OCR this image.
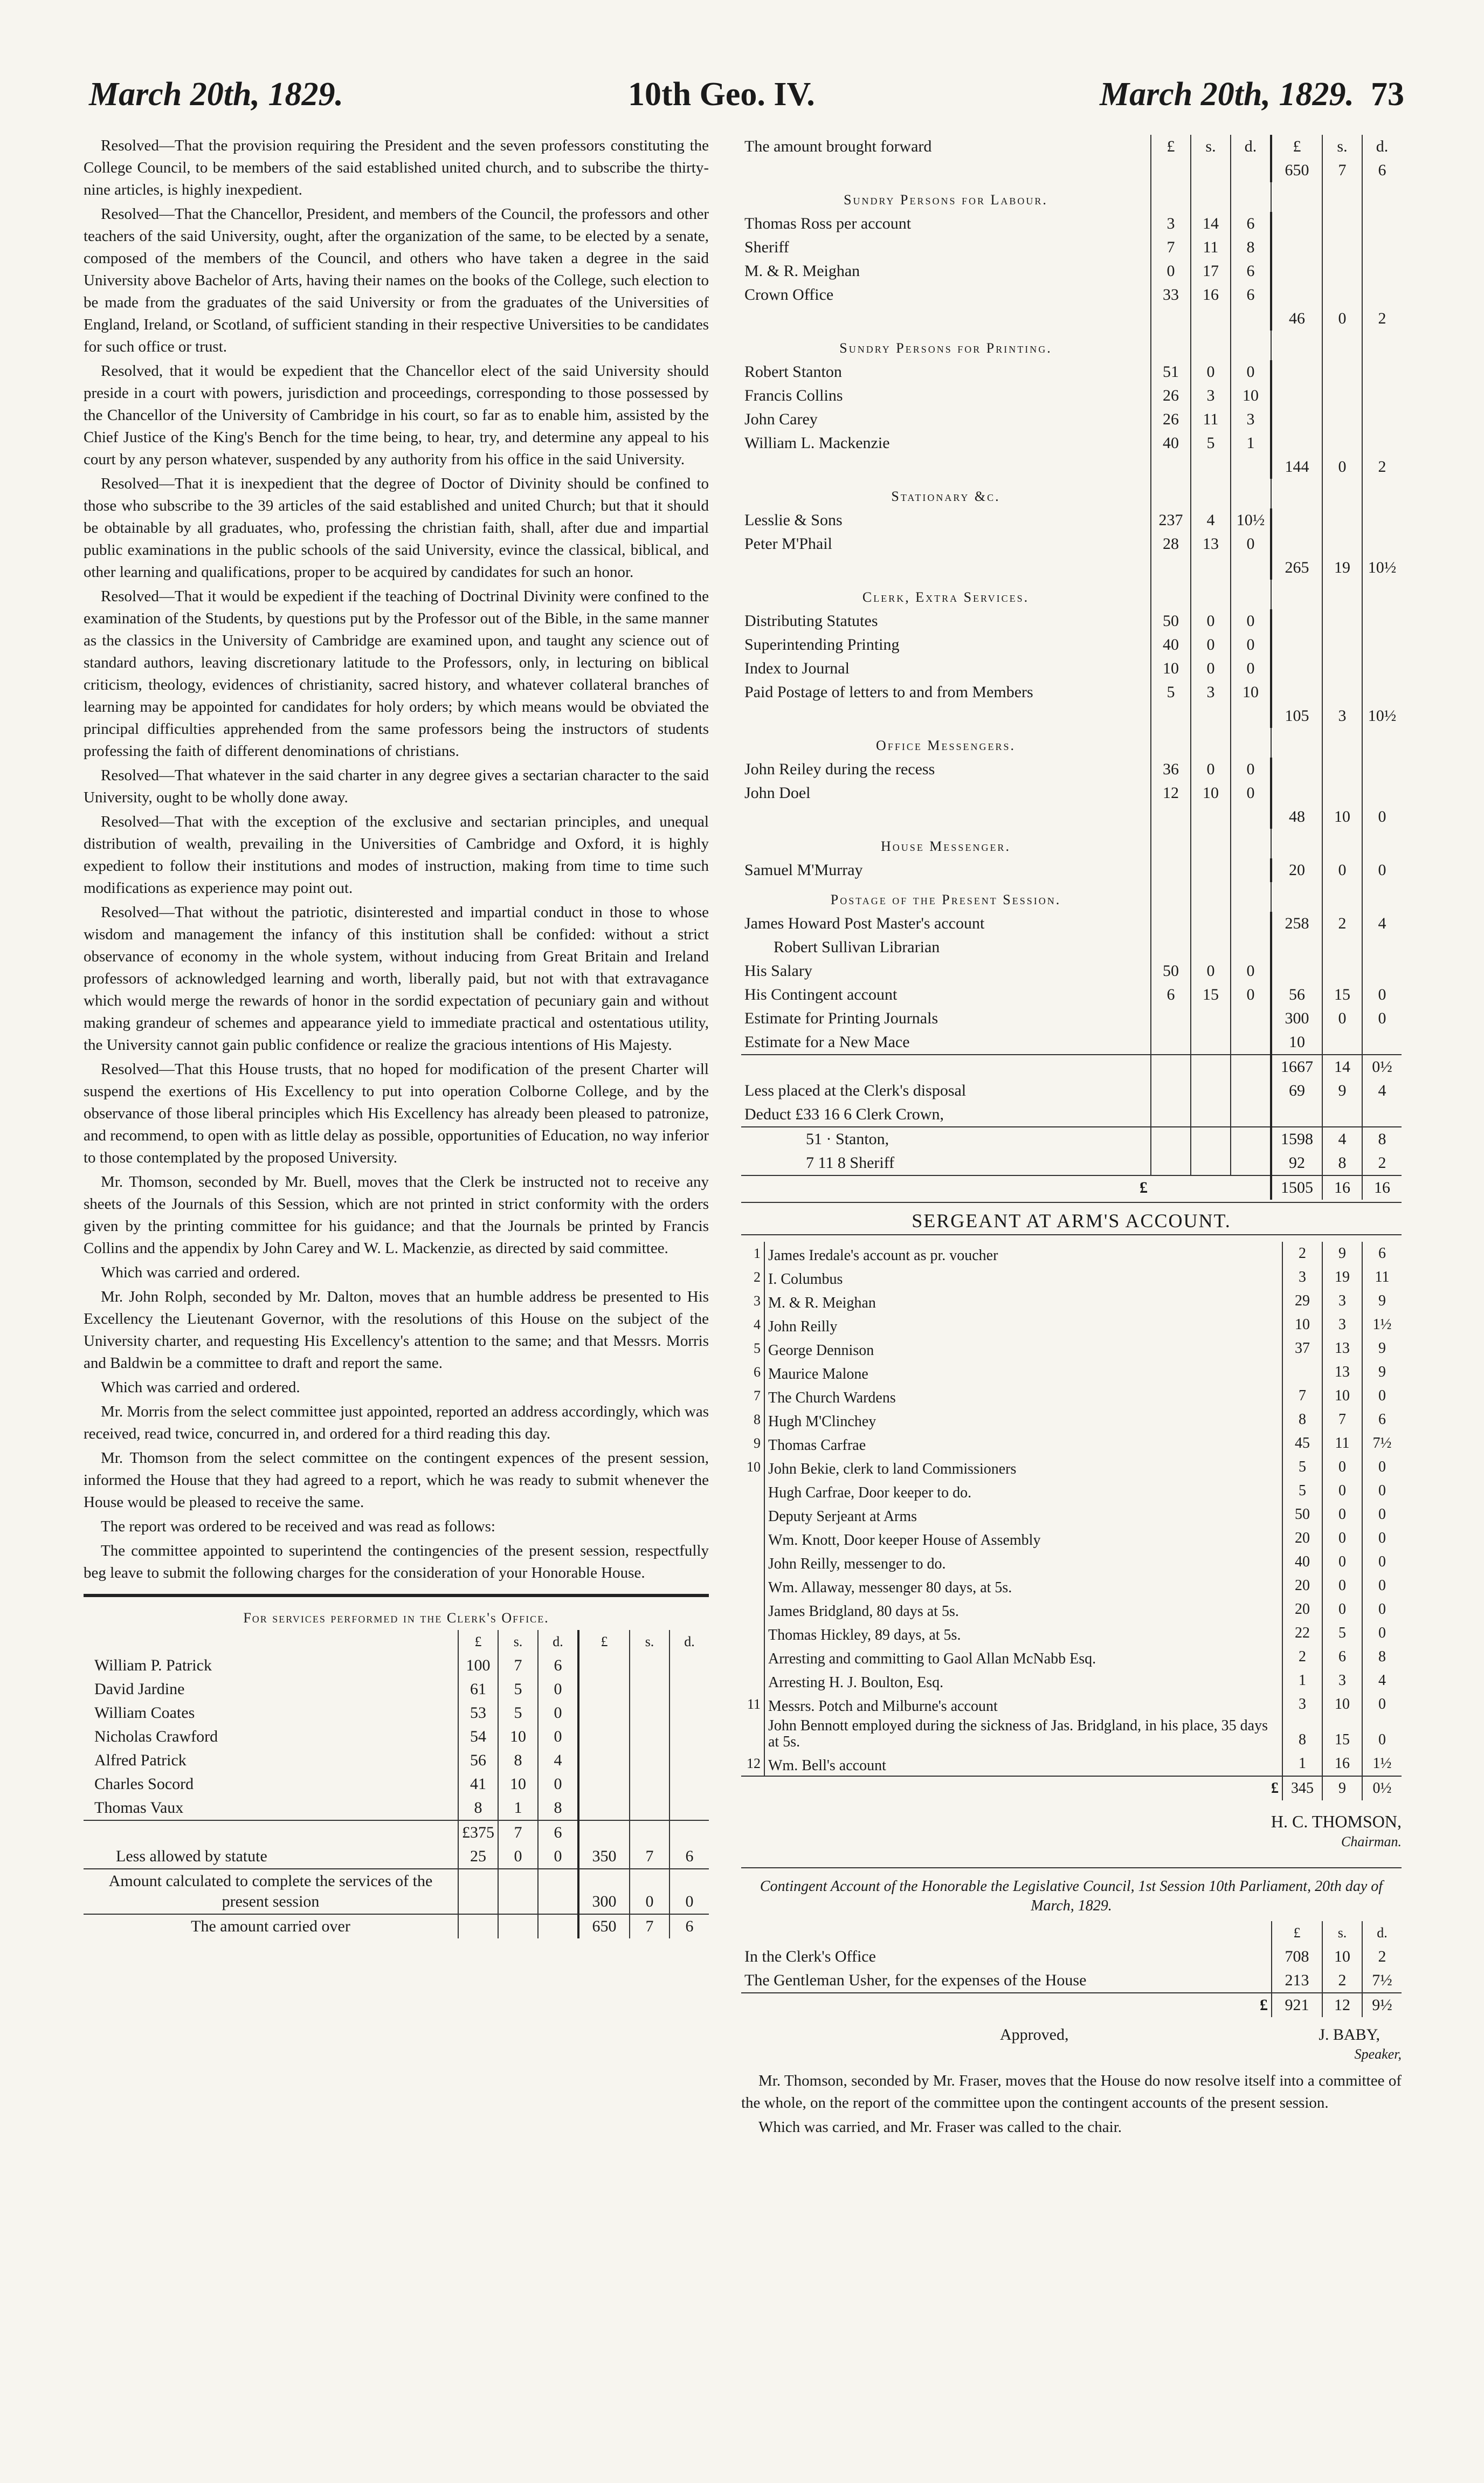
March 20th, 1829.	10th Geo. IV.	March 20th, 1829. 73

Resolved—That the provision requiring the President and the seven professors constituting the College Council, to be members of the said established united church, and to subscribe the thirty-nine articles, is highly inexpedient.

Resolved—That the Chancellor, President, and members of the Council, the professors and other teachers of the said University, ought, after the organization of the same, to be elected by a senate, composed of the members of the Council, and others who have taken a degree in the said University above Bachelor of Arts, having their names on the books of the College, such election to be made from the graduates of the said University or from the graduates of the Universities of England, Ireland, or Scotland, of sufficient standing in their respective Universities to be candidates for such office or trust.

Resolved, that it would be expedient that the Chancellor elect of the said University should preside in a court with powers, jurisdiction and proceedings, corresponding to those possessed by the Chancellor of the University of Cambridge in his court, so far as to enable him, assisted by the Chief Justice of the King's Bench for the time being, to hear, try, and determine any appeal to his court by any person whatever, suspended by any authority from his office in the said University.

Resolved—That it is inexpedient that the degree of Doctor of Divinity should be confined to those who subscribe to the 39 articles of the said established and united Church; but that it should be obtainable by all graduates, who, professing the christian faith, shall, after due and impartial public examinations in the public schools of the said University, evince the classical, biblical, and other learning and qualifications, proper to be acquired by candidates for such an honor.

Resolved—That it would be expedient if the teaching of Doctrinal Divinity were confined to the examination of the Students, by questions put by the Professor out of the Bible, in the same manner as the classics in the University of Cambridge are examined upon, and taught any science out of standard authors, leaving discretionary latitude to the Professors, only, in lecturing on biblical criticism, theology, evidences of christianity, sacred history, and whatever collateral branches of learning may be appointed for candidates for holy orders; by which means would be obviated the principal difficulties apprehended from the same professors being the instructors of students professing the faith of different denominations of christians.

Resolved—That whatever in the said charter in any degree gives a sectarian character to the said University, ought to be wholly done away.

Resolved—That with the exception of the exclusive and sectarian principles, and unequal distribution of wealth, prevailing in the Universities of Cambridge and Oxford, it is highly expedient to follow their institutions and modes of instruction, making from time to time such modifications as experience may point out.

Resolved—That without the patriotic, disinterested and impartial conduct in those to whose wisdom and management the infancy of this institution shall be confided: without a strict observance of economy in the whole system, without inducing from Great Britain and Ireland professors of acknowledged learning and worth, liberally paid, but not with that extravagance which would merge the rewards of honor in the sordid expectation of pecuniary gain and without making grandeur of schemes and appearance yield to immediate practical and ostentatious utility, the University cannot gain public confidence or realize the gracious intentions of His Majesty.

Resolved—That this House trusts, that no hoped for modification of the present Charter will suspend the exertions of His Excellency to put into operation Colborne College, and by the observance of those liberal principles which His Excellency has already been pleased to patronize, and recommend, to open with as little delay as possible, opportunities of Education, no way inferior to those contemplated by the proposed University.

Mr. Thomson, seconded by Mr. Buell, moves that the Clerk be instructed not to receive any sheets of the Journals of this Session, which are not printed in strict conformity with the orders given by the printing committee for his guidance; and that the Journals be printed by Francis Collins and the appendix by John Carey and W. L. Mackenzie, as directed by said committee.

Which was carried and ordered.

Mr. John Rolph, seconded by Mr. Dalton, moves that an humble address be presented to His Excellency the Lieutenant Governor, with the resolutions of this House on the subject of the University charter, and requesting His Excellency's attention to the same; and that Messrs. Morris and Baldwin be a committee to draft and report the same.

Which was carried and ordered.

Mr. Morris from the select committee just appointed, reported an address accordingly, which was received, read twice, concurred in, and ordered for a third reading this day.

Mr. Thomson from the select committee on the contingent expences of the present session, informed the House that they had agreed to a report, which he was ready to submit whenever the House would be pleased to receive the same.

The report was ordered to be received and was read as follows:

The committee appointed to superintend the contingencies of the present session, respectfully beg leave to submit the following charges for the consideration of your Honorable House.

For services performed in the Clerk's Office.						
	£	s.	d.	£	s.	d.
William P. Patrick	100	7	6			
David Jardine	61	5	0			
William Coates	53	5	0			
Nicholas Crawford	54	10	0			
Alfred Patrick	56	8	4			
Charles Socord	41	10	0			
Thomas Vaux	8	1	8			
	£375	7	6			
Less allowed by statute	25	0	0	350	7	6
Amount calculated to complete the services of the present session				300	0	0
The amount carried over				650	7	6
The amount brought forward	£	s.	d.	£	s.	d.
				650	7	6
Sundry Persons for Labour.						
Thomas Ross per account	3	14	6			
Sheriff	7	11	8			
M. & R. Meighan	0	17	6			
Crown Office	33	16	6			
				46	0	2
Sundry Persons for Printing.						
Robert Stanton	51	0	0			
Francis Collins	26	3	10			
John Carey	26	11	3			
William L. Mackenzie	40	5	1			
				144	0	2
Stationary &c.						
Lesslie & Sons	237	4	10½			
Peter M'Phail	28	13	0			
				265	19	10½
Clerk, Extra Services.						
Distributing Statutes	50	0	0			
Superintending Printing	40	0	0			
Index to Journal	10	0	0			
Paid Postage of letters to and from Members	5	3	10			
				105	3	10½
Office Messengers.						
John Reiley during the recess	36	0	0			
John Doel	12	10	0			
				48	10	0
House Messenger.						
Samuel M'Murray				20	0	0
Postage of the Present Session.						
James Howard Post Master's account				258	2	4
Robert Sullivan Librarian						
His Salary	50	0	0			
His Contingent account	6	15	0	56	15	0
Estimate for Printing Journals				300	0	0
Estimate for a New Mace				10		
				1667	14	0½
Less placed at the Clerk's disposal				69	9	4
Deduct £33 16 6 Clerk Crown,						
51 · Stanton,				1598	4	8
7 11 8 Sheriff				92	8	2
£				1505	16	16
SERGEANT AT ARM'S ACCOUNT.
1	James Iredale's account as pr. voucher	2	9	6
2	I. Columbus	3	19	11
3	M. & R. Meighan	29	3	9
4	John Reilly	10	3	1½
5	George Dennison	37	13	9
6	Maurice Malone		13	9
7	The Church Wardens	7	10	0
8	Hugh M'Clinchey	8	7	6
9	Thomas Carfrae	45	11	7½
10	John Bekie, clerk to land Commissioners	5	0	0
	Hugh Carfrae, Door keeper to do.	5	0	0
	Deputy Serjeant at Arms	50	0	0
	Wm. Knott, Door keeper House of Assembly	20	0	0
	John Reilly, messenger to do.	40	0	0
	Wm. Allaway, messenger 80 days, at 5s.	20	0	0
	James Bridgland, 80 days at 5s.	20	0	0
	Thomas Hickley, 89 days, at 5s.	22	5	0
	Arresting and committing to Gaol Allan McNabb Esq.	2	6	8
	Arresting H. J. Boulton, Esq.	1	3	4
11	Messrs. Potch and Milburne's account	3	10	0
	John Bennott employed during the sickness of Jas. Bridgland, in his place, 35 days at 5s.	8	15	0
12	Wm. Bell's account	1	16	1½
	£	345	9	0½
H. C. THOMSON,
Chairman.
Contingent Account of the Honorable the Legislative Council, 1st Session 10th Parliament, 20th day of March, 1829.
	£	s.	d.
In the Clerk's Office	708	10	2
The Gentleman Usher, for the expenses of the House	213	2	7½
£	921	12	9½
Approved,	J. BABY,
Speaker,

Mr. Thomson, seconded by Mr. Fraser, moves that the House do now resolve itself into a committee of the whole, on the report of the committee upon the contingent accounts of the present session.

Which was carried, and Mr. Fraser was called to the chair.
